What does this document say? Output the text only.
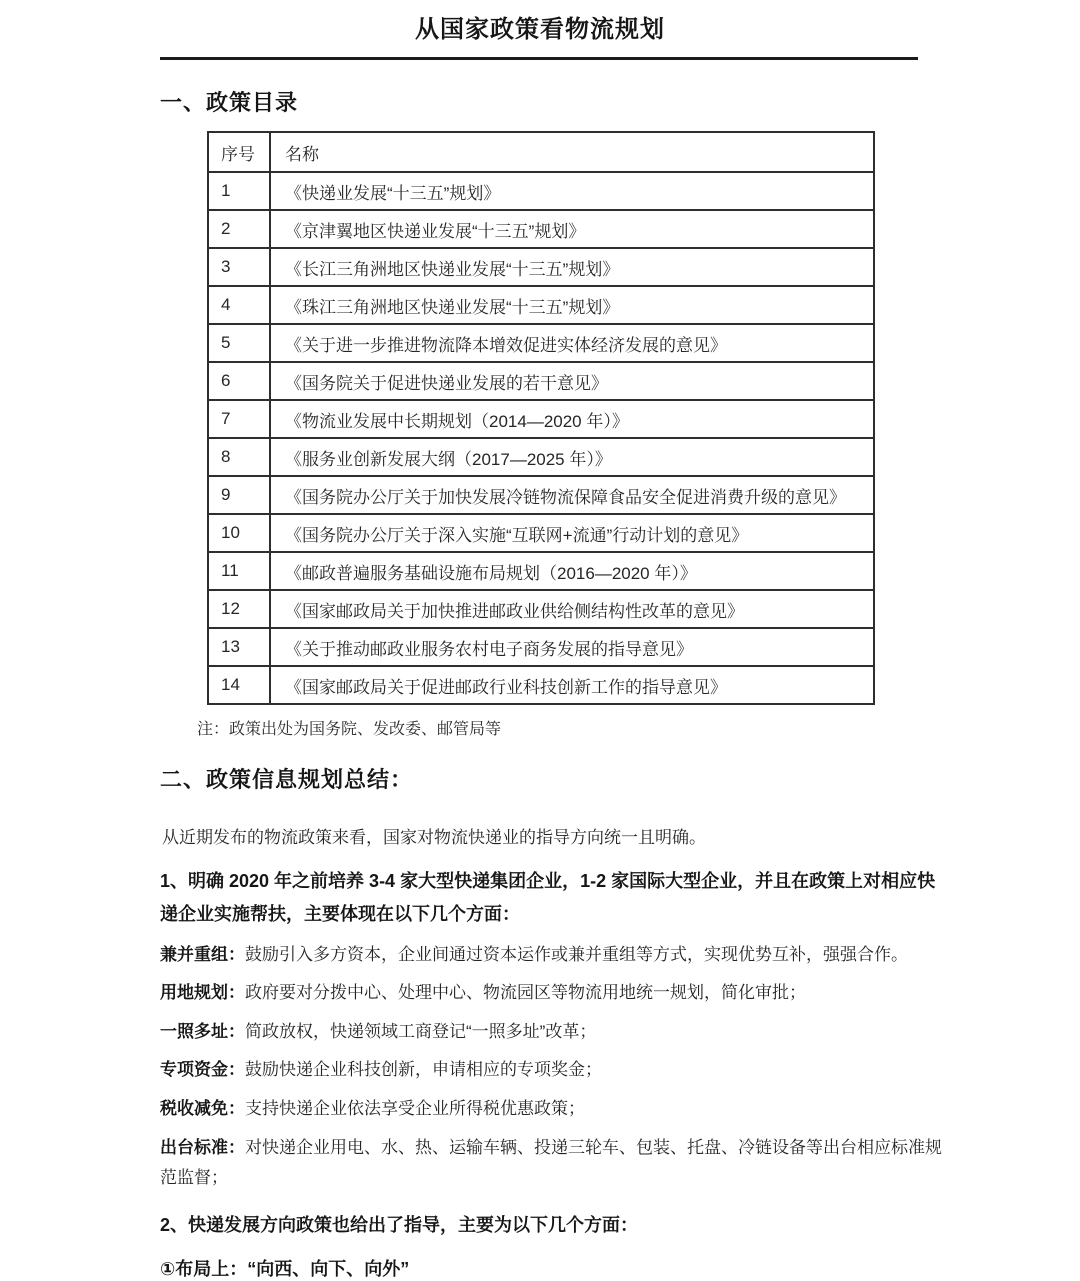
从国家政策看物流规划
一、政策目录
序号	名称
1	《快递业发展“十三五”规划》
2	《京津翼地区快递业发展“十三五”规划》
3	《长江三角洲地区快递业发展“十三五”规划》
4	《珠江三角洲地区快递业发展“十三五”规划》
5	《关于进一步推进物流降本增效促进实体经济发展的意见》
6	《国务院关于促进快递业发展的若干意见》
7	《物流业发展中长期规划（2014—2020 年）》
8	《服务业创新发展大纲（2017—2025 年）》
9	《国务院办公厅关于加快发展冷链物流保障食品安全促进消费升级的意见》
10	《国务院办公厅关于深入实施“互联网+流通”行动计划的意见》
11	《邮政普遍服务基础设施布局规划（2016—2020 年）》
12	《国家邮政局关于加快推进邮政业供给侧结构性改革的意见》
13	《关于推动邮政业服务农村电子商务发展的指导意见》
14	《国家邮政局关于促进邮政行业科技创新工作的指导意见》
注：政策出处为国务院、发改委、邮管局等
二、政策信息规划总结：
从近期发布的物流政策来看，国家对物流快递业的指导方向统一且明确。
1、明确 2020 年之前培养 3-4 家大型快递集团企业，1-2 家国际大型企业，并且在政策上对相应快递企业实施帮扶，主要体现在以下几个方面：
兼并重组：鼓励引入多方资本，企业间通过资本运作或兼并重组等方式，实现优势互补，强强合作。
用地规划：政府要对分拨中心、处理中心、物流园区等物流用地统一规划，简化审批；
一照多址：简政放权，快递领域工商登记“一照多址”改革；
专项资金：鼓励快递企业科技创新，申请相应的专项奖金；
税收减免：支持快递企业依法享受企业所得税优惠政策；
出台标准：对快递企业用电、水、热、运输车辆、投递三轮车、包装、托盘、冷链设备等出台相应标准规范监督；
2、快递发展方向政策也给出了指导，主要为以下几个方面：
①布局上：“向西、向下、向外”
